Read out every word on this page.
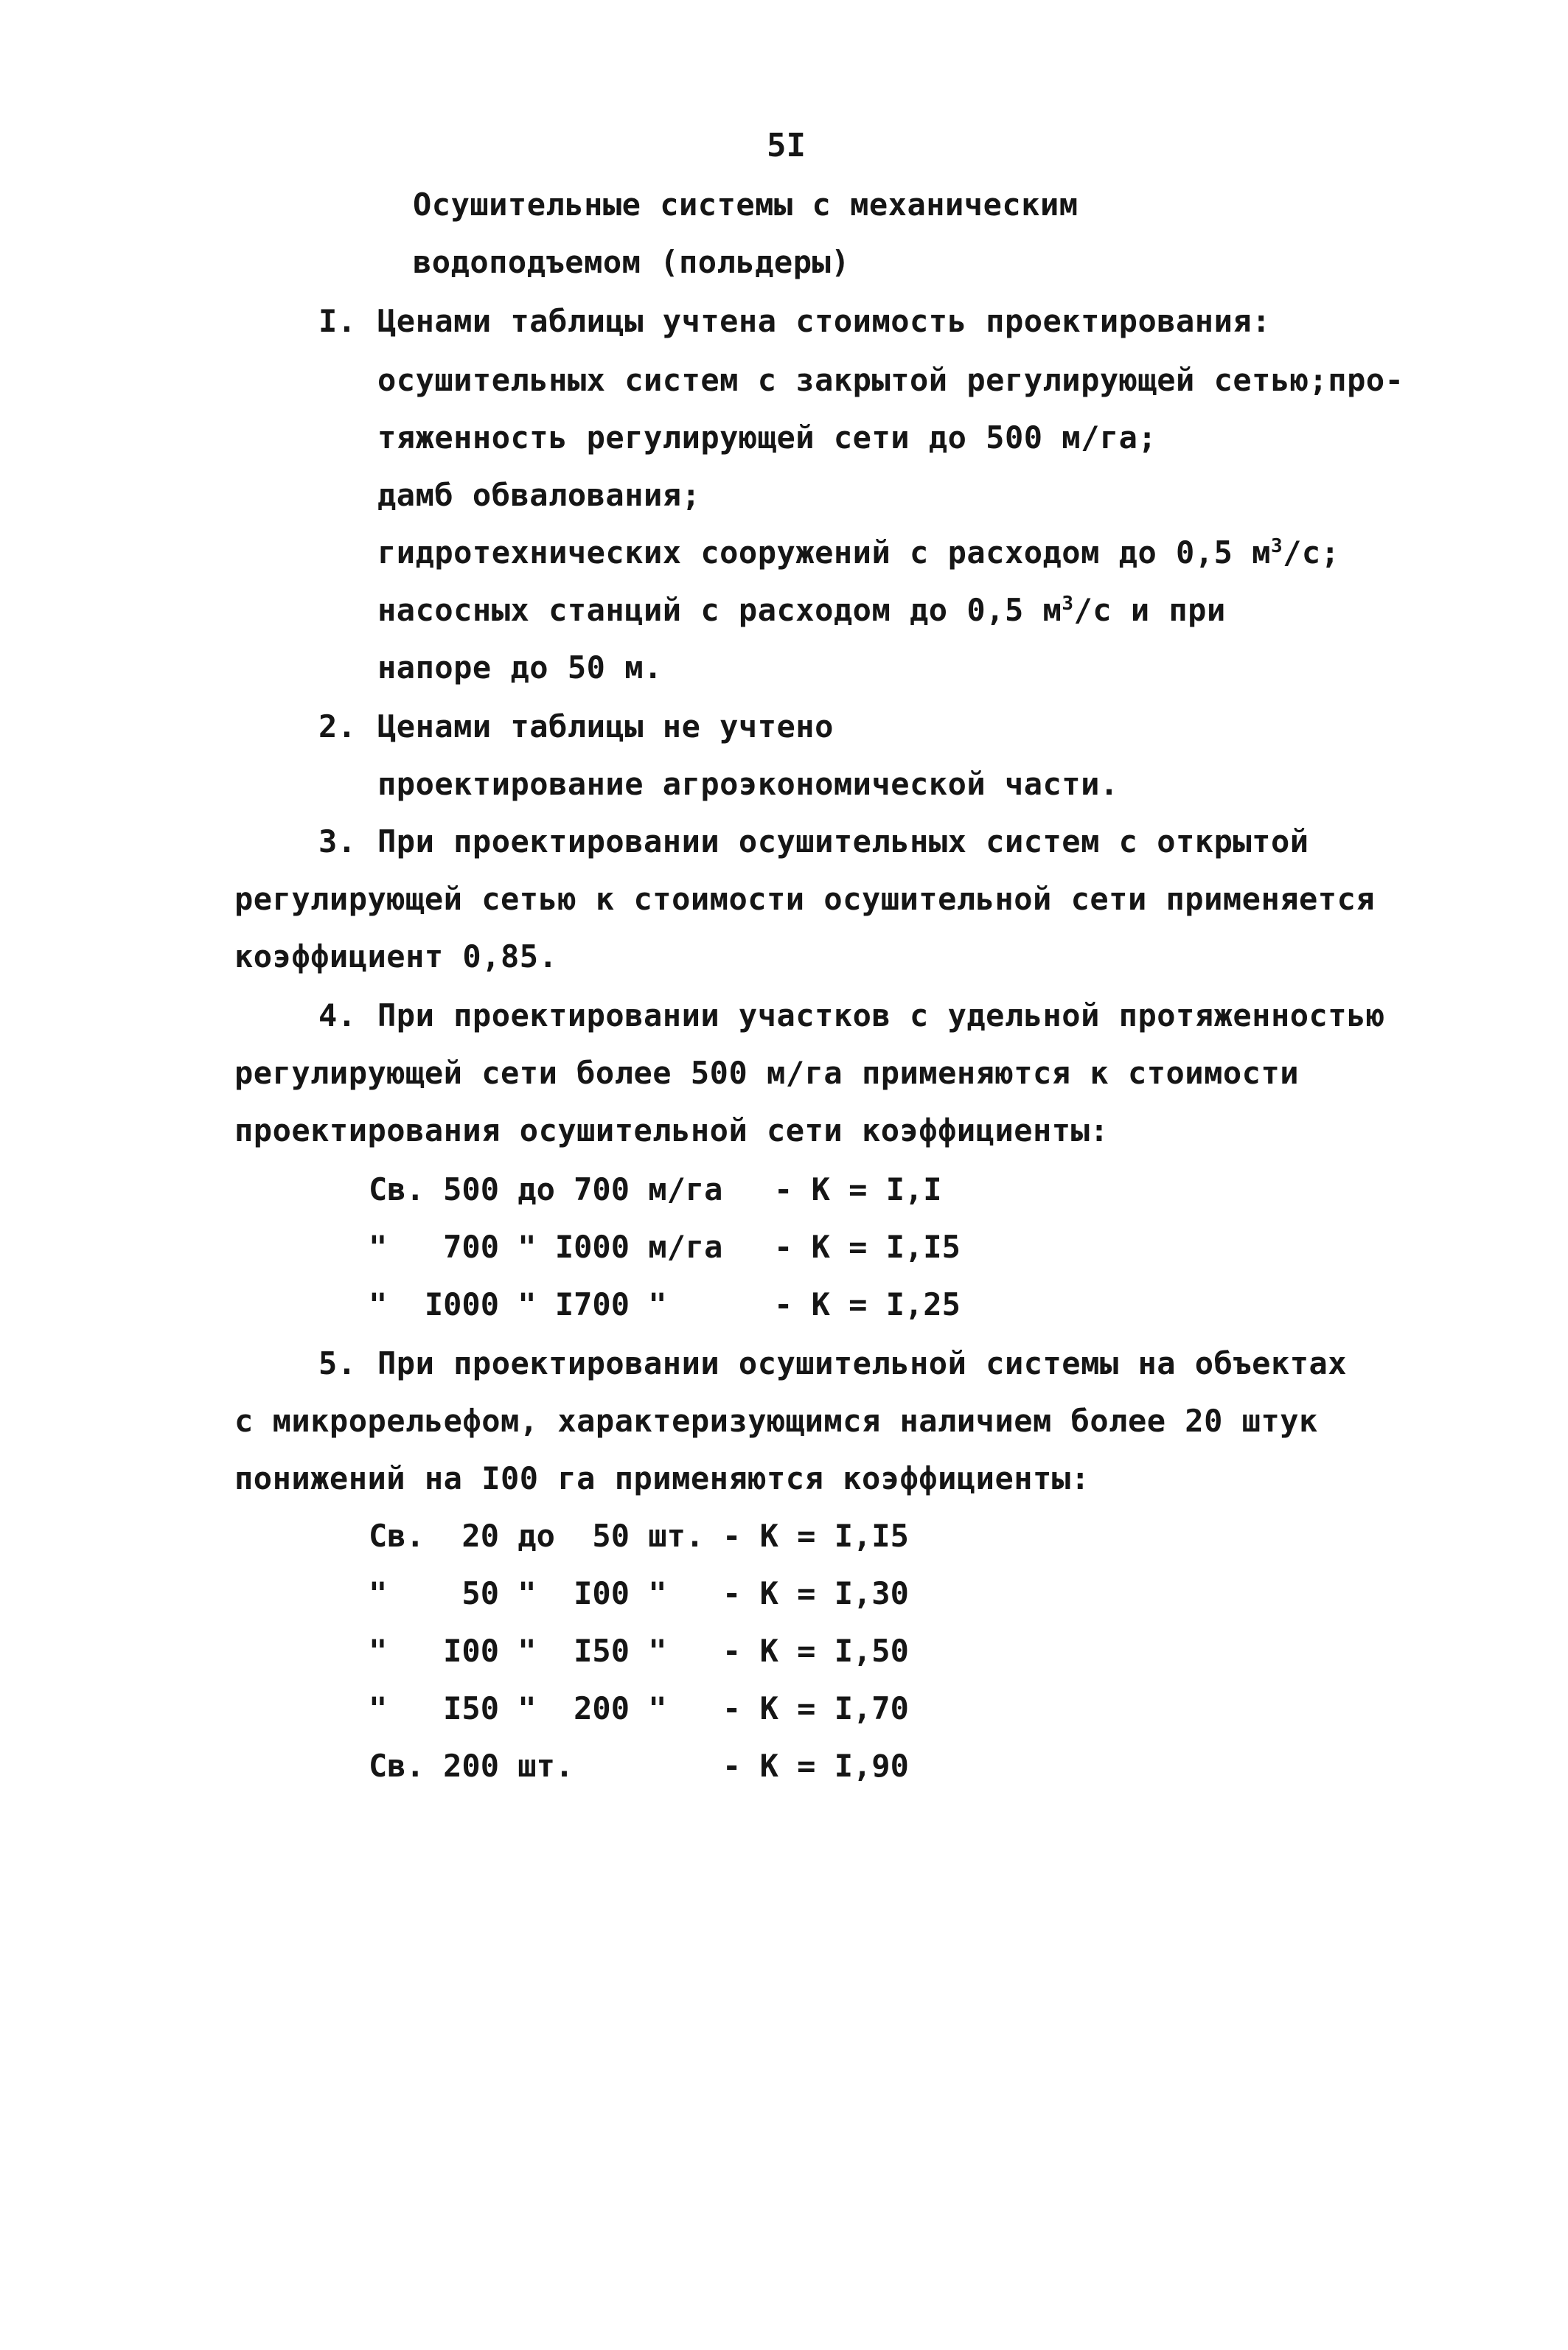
5I
Осушительные системы с механическим
водоподъемом (польдеры)
I. Ценами таблицы учтена стоимость проектирования:
осушительных систем с закрытой регулирующей сетью;про-
тяженность регулирующей сети до 500 м/га;
дамб обвалования;
гидротехнических сооружений с расходом до 0,5 $м^3/с$;
насосных станций с расходом до 0,5 $м^3/с$ и при
напоре до 50 м.
2. Ценами таблицы не учтено
проектирование агроэкономической части.
3. При проектировании осушительных систем с открытой
регулирующей сетью к стоимости осушительной сети применяется
коэффициент 0,85.
4. При проектировании участков с удельной протяженностью
регулирующей сети более 500 м/га применяются к стоимости
проектирования осушительной сети коэффициенты:
Св. 500 до 700 м/га - К = I,I
"   700 " I000 м/га - К = I,I5
"  I000 " I700 "	- К = I,25
5. При проектировании осушительной системы на объектах
с микрорельефом, характеризующимся наличием более 20 штук
понижений на I00 га применяются коэффициенты:
Св.  20 до  50 шт. - К = I,I5
"    50 "  I00 " - К = I,30
"   I00 "  I50 " - К = I,50
"   I50 "  200 " - К = I,70
Св. 200 шт.	- К = I,90
